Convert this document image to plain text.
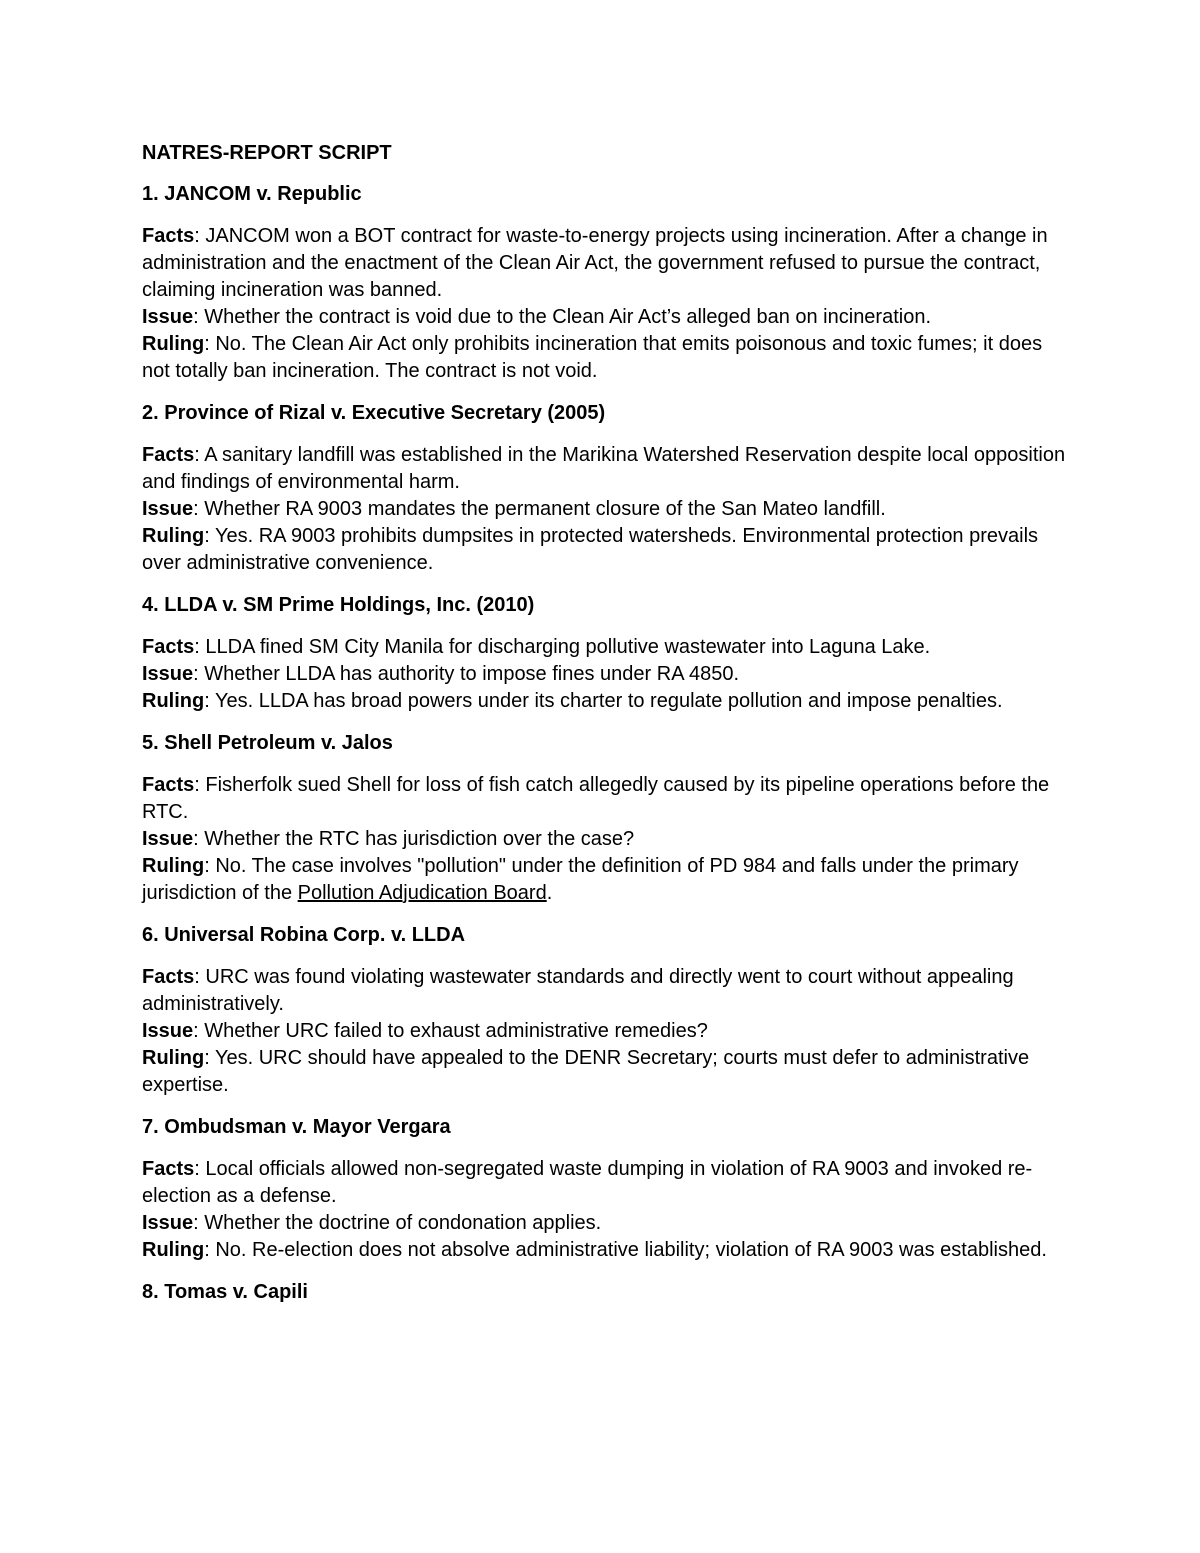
NATRES-REPORT SCRIPT
1. JANCOM v. Republic

Facts: JANCOM won a BOT contract for waste-to-energy projects using incineration. After a change in administration and the enactment of the Clean Air Act, the government refused to pursue the contract, claiming incineration was banned.

Issue: Whether the contract is void due to the Clean Air Act’s alleged ban on incineration.

Ruling: No. The Clean Air Act only prohibits incineration that emits poisonous and toxic fumes; it does not totally ban incineration. The contract is not void.

2. Province of Rizal v. Executive Secretary (2005)

Facts: A sanitary landfill was established in the Marikina Watershed Reservation despite local opposition and findings of environmental harm.

Issue: Whether RA 9003 mandates the permanent closure of the San Mateo landfill.

Ruling: Yes. RA 9003 prohibits dumpsites in protected watersheds. Environmental protection prevails over administrative convenience.

4. LLDA v. SM Prime Holdings, Inc. (2010)

Facts: LLDA fined SM City Manila for discharging pollutive wastewater into Laguna Lake.

Issue: Whether LLDA has authority to impose fines under RA 4850.

Ruling: Yes. LLDA has broad powers under its charter to regulate pollution and impose penalties.

5. Shell Petroleum v. Jalos

Facts: Fisherfolk sued Shell for loss of fish catch allegedly caused by its pipeline operations before the RTC.

Issue: Whether the RTC has jurisdiction over the case?

Ruling: No. The case involves "pollution" under the definition of PD 984 and falls under the primary jurisdiction of the Pollution Adjudication Board.

6. Universal Robina Corp. v. LLDA

Facts: URC was found violating wastewater standards and directly went to court without appealing administratively.

Issue: Whether URC failed to exhaust administrative remedies?

Ruling: Yes. URC should have appealed to the DENR Secretary; courts must defer to administrative expertise.

7. Ombudsman v. Mayor Vergara

Facts: Local officials allowed non-segregated waste dumping in violation of RA 9003 and invoked re-election as a defense.

Issue: Whether the doctrine of condonation applies.

Ruling: No. Re-election does not absolve administrative liability; violation of RA 9003 was established.

8. Tomas v. Capili
